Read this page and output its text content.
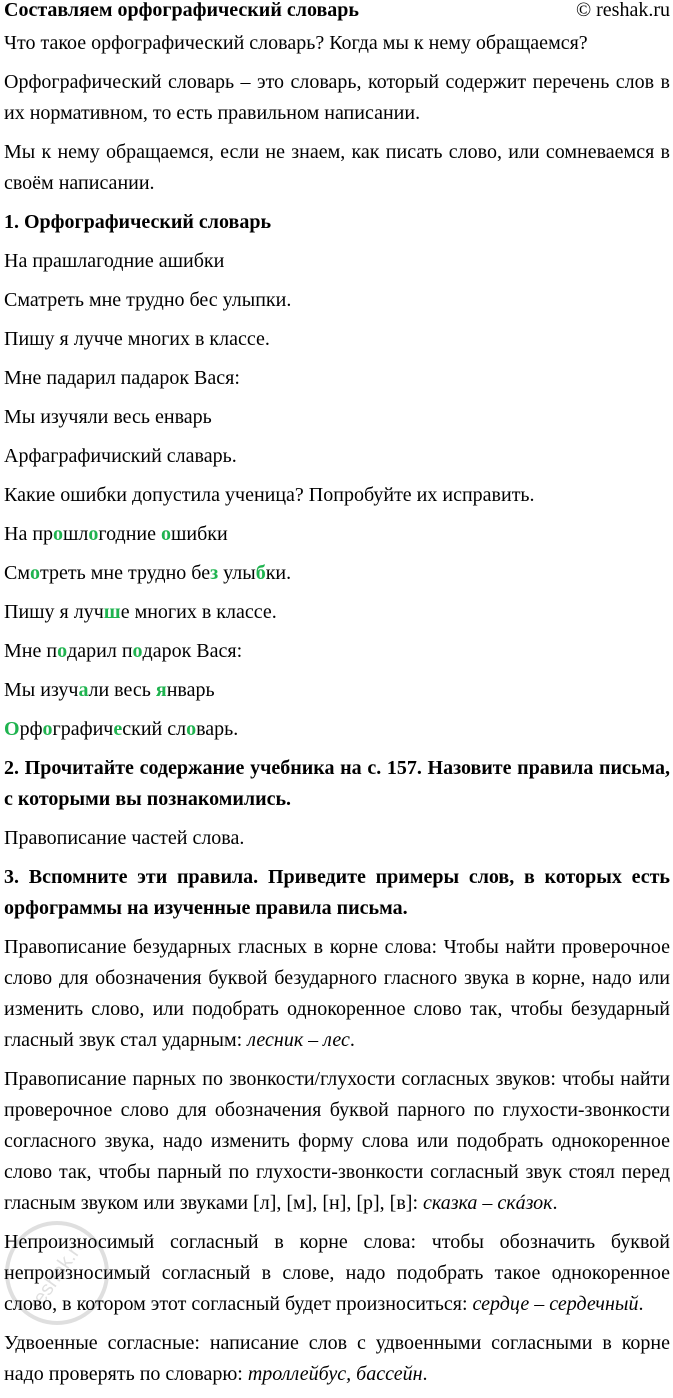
Составляем орфографический словарь	© reshak.ru

Что такое орфографический словарь? Когда мы к нему обращаемся?

Орфографический словарь – это словарь, который содержит перечень слов в их нормативном, то есть правильном написании.

Мы к нему обращаемся, если не знаем, как писать слово, или сомневаемся в своём написании.

1. Орфографический словарь

На прашлагодние ашибки

Сматреть мне трудно бес улыпки.

Пишу я лучче многих в классе.

Мне падарил падарок Вася:

Мы изучяли весь енварь

Арфаграфичиский славарь.

Какие ошибки допустила ученица? Попробуйте их исправить.

На прошлогодние ошибки

Смотреть мне трудно без улыбки.

Пишу я лучше многих в классе.

Мне подарил подарок Вася:

Мы изучали весь январь

Орфографический словарь.

2. Прочитайте содержание учебника на с. 157. Назовите правила письма, с которыми вы познакомились.

Правописание частей слова.

3. Вспомните эти правила. Приведите примеры слов, в которых есть орфограммы на изученные правила письма.

Правописание безударных гласных в корне слова: Чтобы найти проверочное слово для обозначения буквой безударного гласного звука в корне, надо или изменить слово, или подобрать однокоренное слово так, чтобы безударный гласный звук стал ударным: лесник – лес.

Правописание парных по звонкости/глухости согласных звуков: чтобы найти проверочное слово для обозначения буквой парного по глухости-звонкости согласного звука, надо изменить форму слова или подобрать однокоренное слово так, чтобы парный по глухости-звонкости согласный звук стоял перед гласным звуком или звуками [л], [м], [н], [р], [в]: сказка – скáзок.

Непроизносимый согласный в корне слова: чтобы обозначить буквой непроизносимый согласный в слове, надо подобрать такое однокоренное слово, в котором этот согласный будет произноситься: сердце – сердечный.

Удвоенные согласные: написание слов с удвоенными согласными в корне надо проверять по словарю: троллейбус, бассейн.

reshak.ru
